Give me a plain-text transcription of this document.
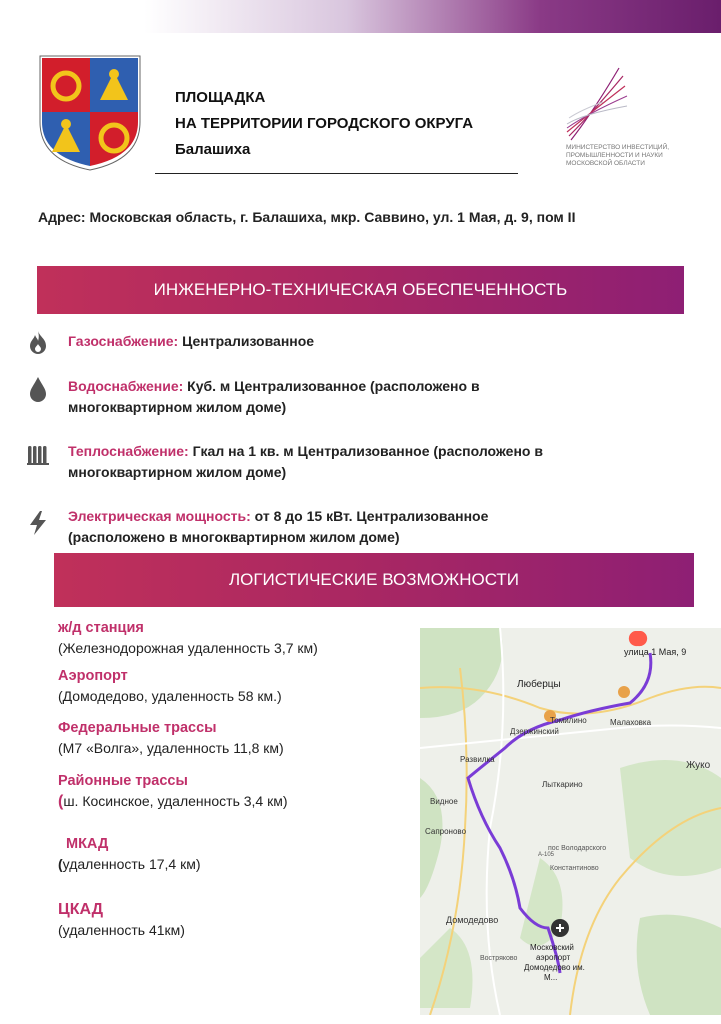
ПЛОЩАДКА
НА ТЕРРИТОРИИ ГОРОДСКОГО ОКРУГА
Балашиха	МИНИСТЕРСТВО ИНВЕСТИЦИЙ, ПРОМЫШЛЕННОСТИ И НАУКИ МОСКОВСКОЙ ОБЛАСТИ
Адрес: Московская область, г. Балашиха, мкр. Саввино, ул. 1 Мая, д. 9, пом II
ИНЖЕНЕРНО-ТЕХНИЧЕСКАЯ ОБЕСПЕЧЕННОСТЬ
Газоснабжение: Централизованное
Водоснабжение: Куб. м Централизованное (расположено в
многоквартирном жилом доме)
Теплоснабжение: Гкал на 1 кв. м Централизованное (расположено в
многоквартирном жилом доме)
Электрическая мощность: от 8 до 15 кВт. Централизованное
(расположено в многоквартирном жилом доме)
ЛОГИСТИЧЕСКИЕ ВОЗМОЖНОСТИ
ж/д станция
(Железнодорожная удаленность 3,7 км)
Аэропорт
(Домодедово, удаленность 58 км.)
Федеральные трассы
(М7 «Волга», удаленность 11,8 км)
Районные трассы
(ш. Косинское, удаленность 3,4 км)
МКАД
(удаленность 17,4 км)
ЦКАД
(удаленность 41км)
улица 1 Мая, 9
Люберцы
Томилино	Малаховка
Дзержинский
Жуко
Развилка
Лыткарино
Видное
Сапроново
пос Володарского
Константиново
Домодедово
Востряково
А-105
Московский
аэропорт
Домодедово им.
М...
